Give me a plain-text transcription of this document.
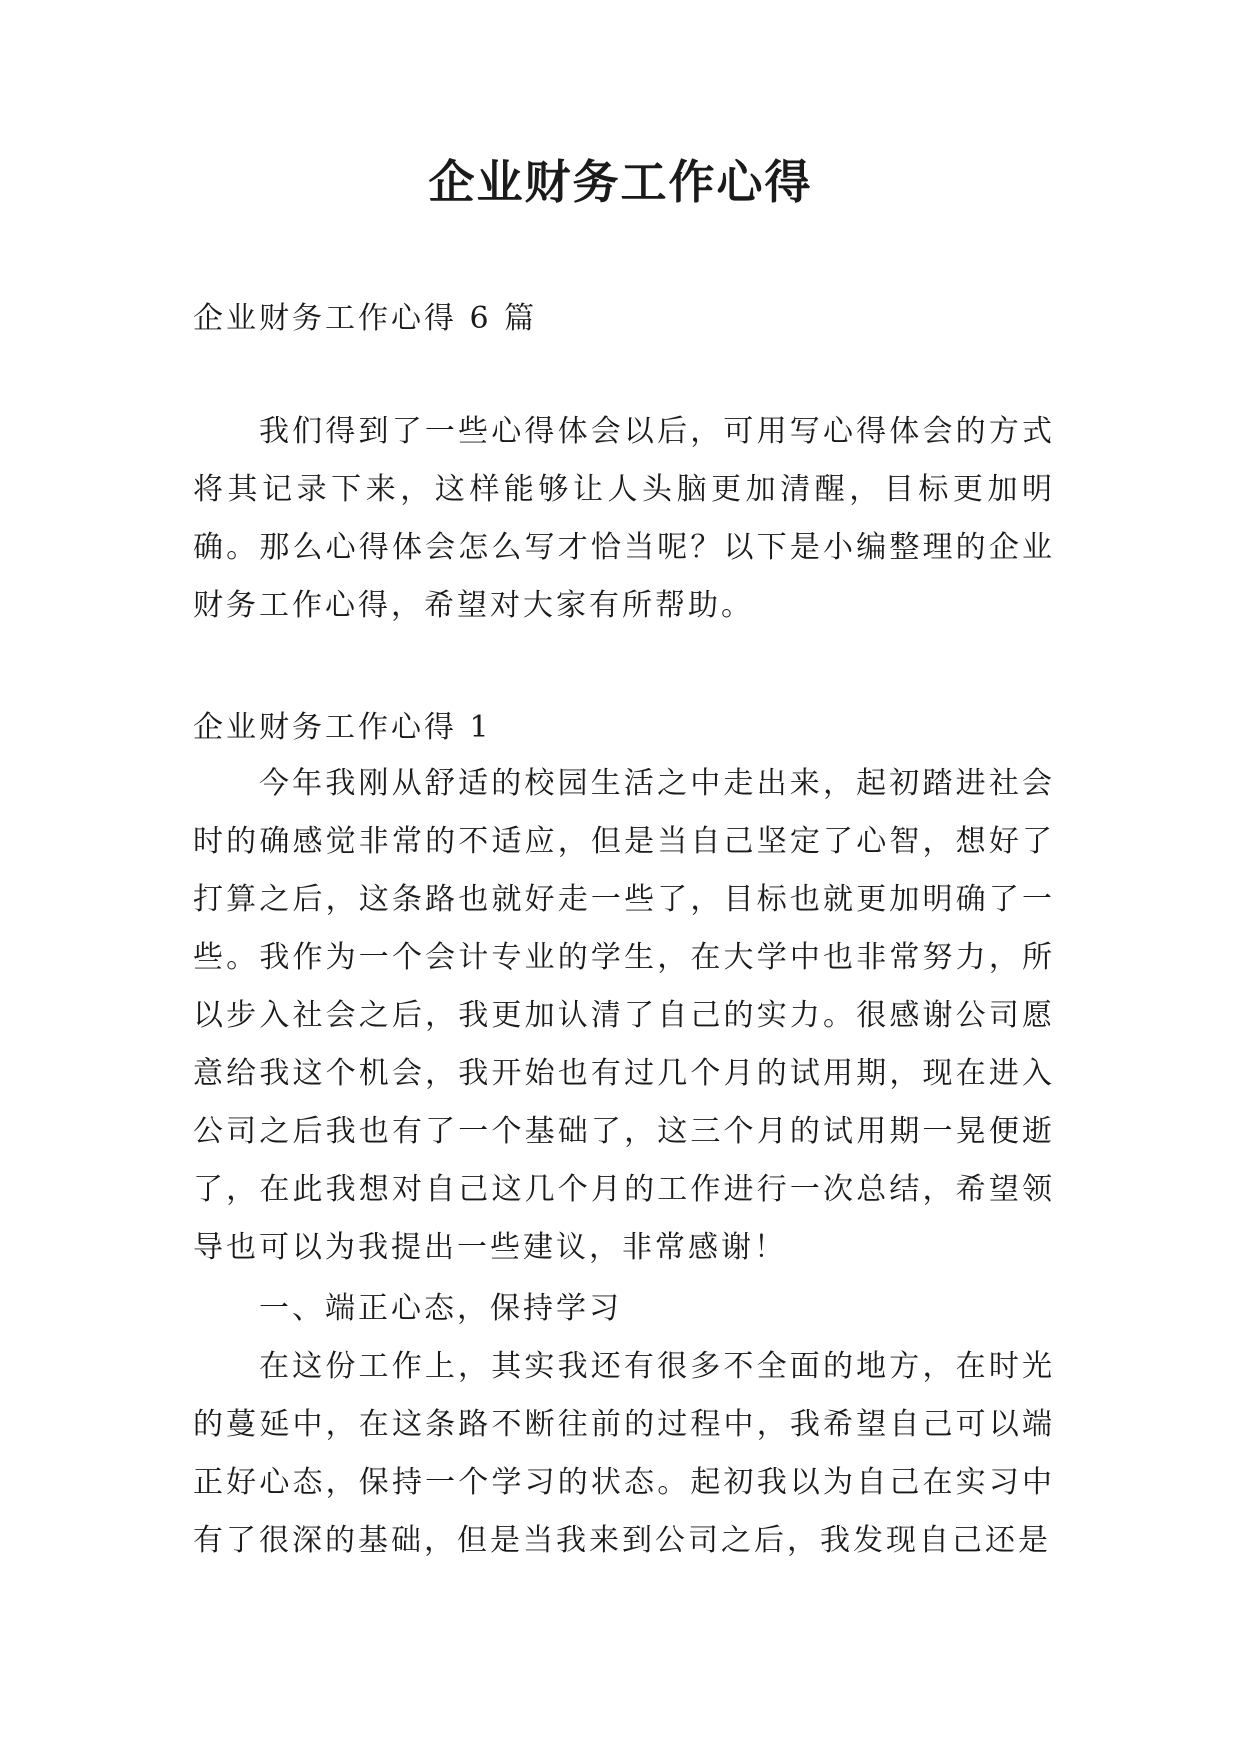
企业财务工作心得

企业财务工作心得 6 篇

我们得到了一些心得体会以后，可用写心得体会的方式将其记录下来，这样能够让人头脑更加清醒，目标更加明确。那么心得体会怎么写才恰当呢？以下是小编整理的企业财务工作心得，希望对大家有所帮助。

企业财务工作心得 1

今年我刚从舒适的校园生活之中走出来，起初踏进社会时的确感觉非常的不适应，但是当自己坚定了心智，想好了打算之后，这条路也就好走一些了，目标也就更加明确了一些。我作为一个会计专业的学生，在大学中也非常努力，所以步入社会之后，我更加认清了自己的实力。很感谢公司愿意给我这个机会，我开始也有过几个月的试用期，现在进入公司之后我也有了一个基础了，这三个月的试用期一晃便逝了，在此我想对自己这几个月的工作进行一次总结，希望领导也可以为我提出一些建议，非常感谢！

一、端正心态，保持学习

在这份工作上，其实我还有很多不全面的地方，在时光的蔓延中，在这条路不断往前的过程中，我希望自己可以端正好心态，保持一个学习的状态。起初我以为自己在实习中有了很深的基础，但是当我来到公司之后，我发现自己还是
